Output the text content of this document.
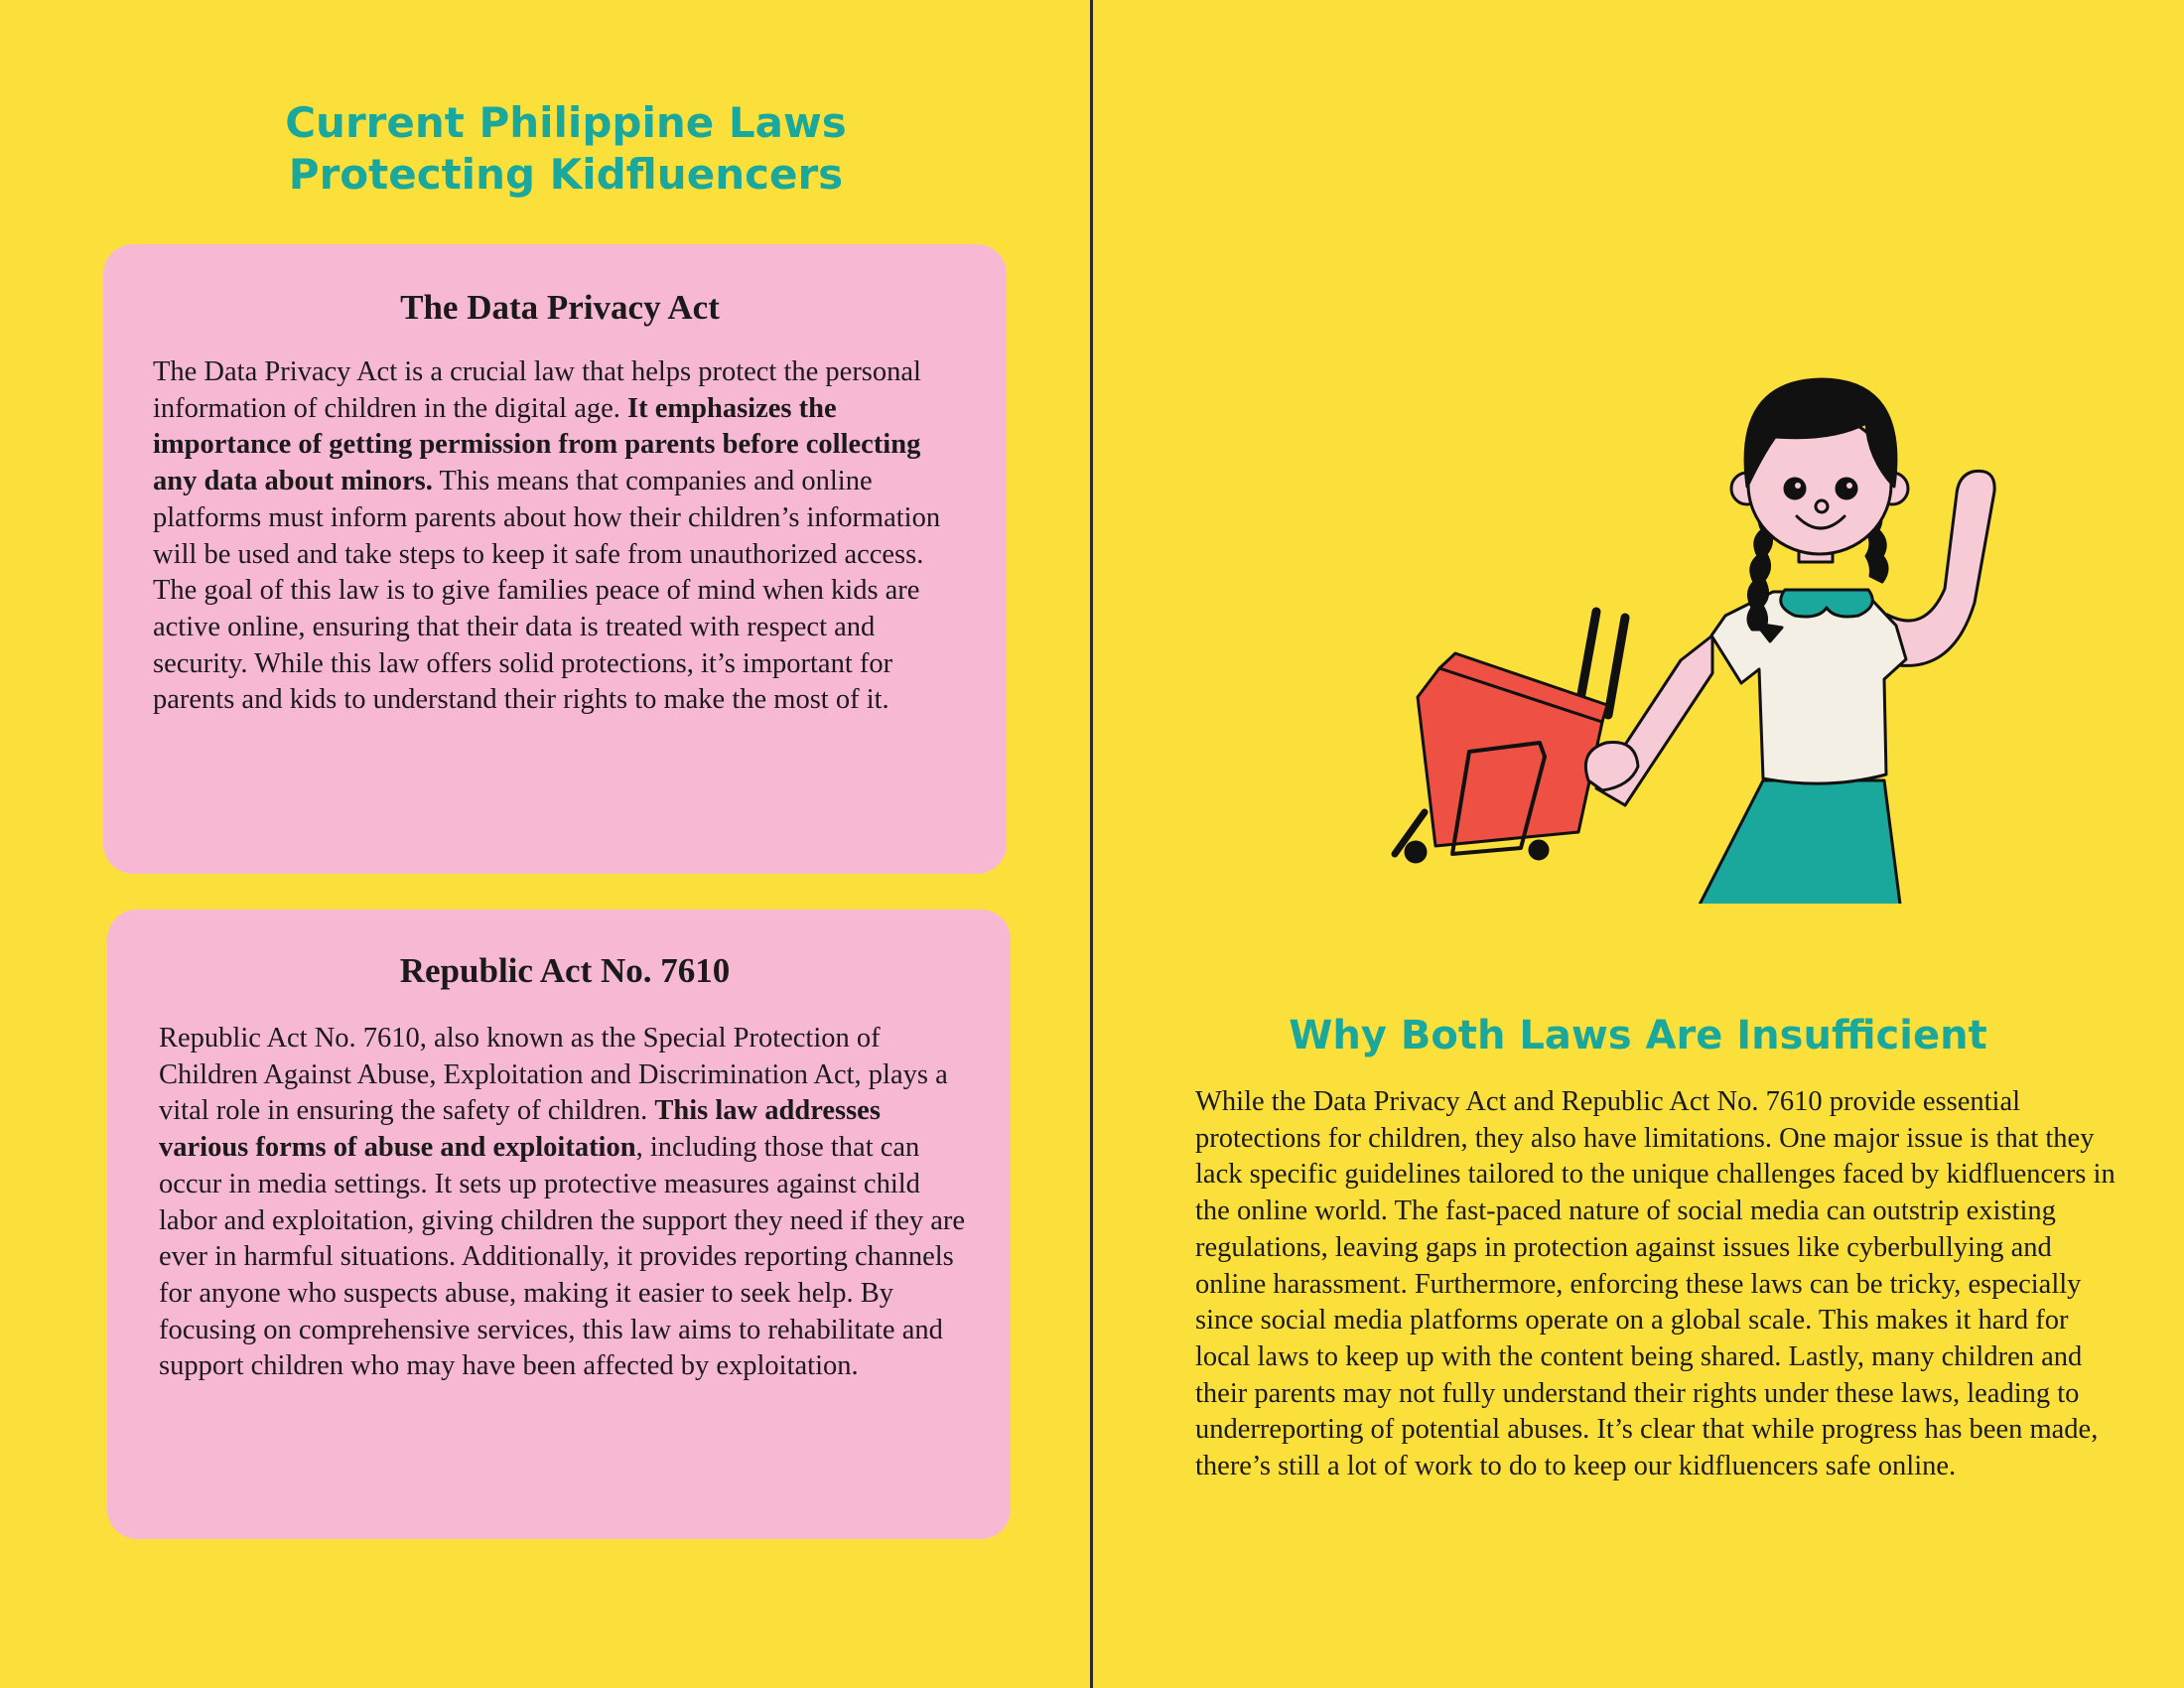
Current Philippine Laws
Protecting Kidfluencers
The Data Privacy Act

The Data Privacy Act is a crucial law that helps protect the personal information of children in the digital age. It emphasizes the importance of getting permission from parents before collecting any data about minors. This means that companies and online platforms must inform parents about how their children’s information will be used and take steps to keep it safe from unauthorized access. The goal of this law is to give families peace of mind when kids are active online, ensuring that their data is treated with respect and security. While this law offers solid protections, it’s important for parents and kids to understand their rights to make the most of it.

Republic Act No. 7610

Republic Act No. 7610, also known as the Special Protection of Children Against Abuse, Exploitation and Discrimination Act, plays a vital role in ensuring the safety of children. This law addresses various forms of abuse and exploitation, including those that can occur in media settings. It sets up protective measures against child labor and exploitation, giving children the support they need if they are ever in harmful situations. Additionally, it provides reporting channels for anyone who suspects abuse, making it easier to seek help. By focusing on comprehensive services, this law aims to rehabilitate and support children who may have been affected by exploitation.

Why Both Laws Are Insufficient

While the Data Privacy Act and Republic Act No. 7610 provide essential protections for children, they also have limitations. One major issue is that they lack specific guidelines tailored to the unique challenges faced by kidfluencers in the online world. The fast-paced nature of social media can outstrip existing regulations, leaving gaps in protection against issues like cyberbullying and online harassment. Furthermore, enforcing these laws can be tricky, especially since social media platforms operate on a global scale. This makes it hard for local laws to keep up with the content being shared. Lastly, many children and their parents may not fully understand their rights under these laws, leading to underreporting of potential abuses. It’s clear that while progress has been made, there’s still a lot of work to do to keep our kidfluencers safe online.
